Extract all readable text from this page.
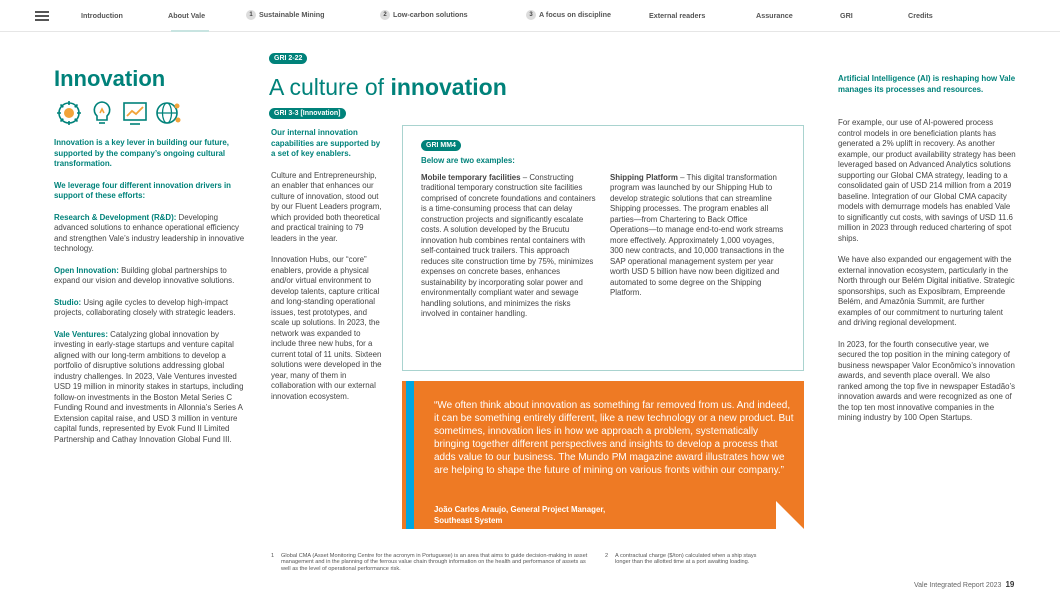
Introduction	About Vale	1 Sustainable Mining	2 Low-carbon solutions	3 A focus on discipline	External readers	Assurance	GRI	Credits
Innovation

Innovation is a key lever in building our future, supported by the company’s ongoing cultural transformation.

We leverage four different innovation drivers in support of these efforts:

Research & Development (R&D): Developing advanced solutions to enhance operational efficiency and strengthen Vale’s industry leadership in innovative technology.

Open Innovation: Building global partnerships to expand our vision and develop innovative solutions.

Studio: Using agile cycles to develop high-impact projects, collaborating closely with strategic leaders.

Vale Ventures: Catalyzing global innovation by investing in early-stage startups and venture capital aligned with our long-term ambitions to develop a portfolio of disruptive solutions addressing global industry challenges. In 2023, Vale Ventures invested USD 19 million in minority stakes in startups, including follow-on investments in the Boston Metal Series C Funding Round and investments in Allonnia’s Series A Extension capital raise, and USD 3 million in venture capital funds, represented by Evok Fund II Limited Partnership and Cathay Innovation Global Fund III.

GRI 2-22
A culture of innovation
GRI 3-3 [Innovation]

Our internal innovation capabilities are supported by a set of key enablers.

Culture and Entrepreneurship, an enabler that enhances our culture of innovation, stood out by our Fluent Leaders program, which provided both theoretical and practical training to 79 leaders in the year.

Innovation Hubs, our “core” enablers, provide a physical and/or virtual environment to develop talents, capture critical and long-standing operational issues, test prototypes, and scale up solutions. In 2023, the network was expanded to include three new hubs, for a current total of 11 units. Sixteen solutions were developed in the year, many of them in collaboration with our external innovation ecosystem.

GRI MM4
Below are two examples:
Mobile temporary facilities – Constructing traditional temporary construction site facilities comprised of concrete foundations and containers is a time-consuming process that can delay construction projects and significantly escalate costs. A solution developed by the Brucutu innovation hub combines rental containers with self-contained truck trailers. This approach reduces site construction time by 75%, minimizes expenses on concrete bases, enhances sustainability by incorporating solar power and environmentally compliant water and sewage handling solutions, and minimizes the risks involved in container handling.
Shipping Platform – This digital transformation program was launched by our Shipping Hub to develop strategic solutions that can streamline Shipping processes. The program enables all parties—from Chartering to Back Office Operations—to manage end-to-end work streams more effectively. Approximately 1,000 voyages, 300 new contracts, and 10,000 transactions in the SAP operational management system per year worth USD 5 billion have now been digitized and automated to some degree on the Shipping Platform.
“We often think about innovation as something far removed from us. And indeed, it can be something entirely different, like a new technology or a new product. But sometimes, innovation lies in how we approach a problem, systematically bringing together different perspectives and insights to develop a process that adds value to our business. The Mundo PM magazine award illustrates how we are helping to shape the future of mining on various fronts within our company.”
João Carlos Araujo, General Project Manager,
Southeast System

Artificial Intelligence (AI) is reshaping how Vale manages its processes and resources.

For example, our use of AI-powered process control models in ore beneficiation plants has generated a 2% uplift in recovery. As another example, our product availability strategy has been leveraged based on Advanced Analytics solutions supporting our Global CMA strategy, leading to a consolidated gain of USD 214 million from a 2019 baseline. Integration of our Global CMA capacity models with demurrage models has enabled Vale to significantly cut costs, with savings of USD 11.6 million in 2023 through reduced chartering of spot ships.

We have also expanded our engagement with the external innovation ecosystem, particularly in the North through our Belém Digital initiative. Strategic sponsorships, such as Exposibram, Empreende Belém, and Amazônia Summit, are further examples of our commitment to nurturing talent and driving regional development.

In 2023, for the fourth consecutive year, we secured the top position in the mining category of business newspaper Valor Econômico’s innovation awards, and seventh place overall. We also ranked among the top five in newspaper Estadão’s innovation awards and were recognized as one of the top ten most innovative companies in the mining industry by 100 Open Startups.

1 Global CMA (Asset Monitoring Centre for the acronym in Portuguese) is an area that aims to guide decision-making in asset management and in the planning of the ferrous value chain through information on the health and performance of assets as well as the level of operational performance risk.
2 A contractual charge ($/ton) calculated when a ship stays longer than the allotted time at a port awaiting loading.
Vale Integrated Report 2023 19
